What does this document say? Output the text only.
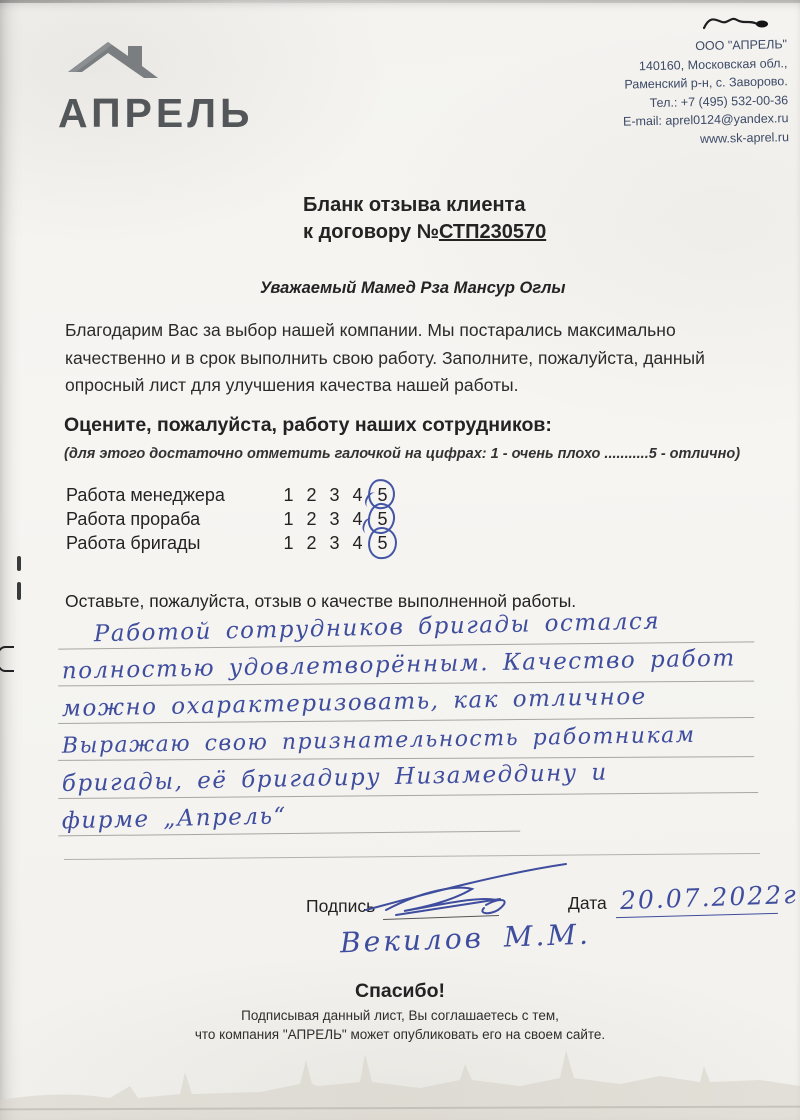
АПРЕЛЬ
ООО "АПРЕЛЬ"
140160, Московская обл.,
Раменский р-н, с. Заворово.
Тел.: +7 (495) 532-00-36
E-mail: aprel0124@yandex.ru
www.sk-aprel.ru
Бланк отзыва клиента
к договору №СТП230570
Уважаемый Мамед Рза Мансур Оглы

Благодарим Вас за выбор нашей компании. Мы постарались максимально качественно и в срок выполнить свою работу. Заполните, пожалуйста, данный опросный лист для улучшения качества нашей работы.

Оцените, пожалуйста, работу наших сотрудников:
(для этого достаточно отметить галочкой на цифрах: 1 - очень плохо ...........5 - отлично)
Работа менеджера	1 2 3 4 5
Работа прораба	1 2 3 4 5
Работа бригады	1 2 3 4 5
Оставьте, пожалуйста, отзыв о качестве выполненной работы.
Работой сотрудников бригады остался
полностью удовлетворённым. Качество работ
можно охарактеризовать, как отличное
Выражаю свою признательность работникам
бригады, её бригадиру Низамеддину и
фирме „Апрель“
Подпись	Дата 20.07.2022г
Векилов М.М.
Спасибо!
Подписывая данный лист, Вы соглашаетесь с тем,
что компания "АПРЕЛЬ" может опубликовать его на своем сайте.
